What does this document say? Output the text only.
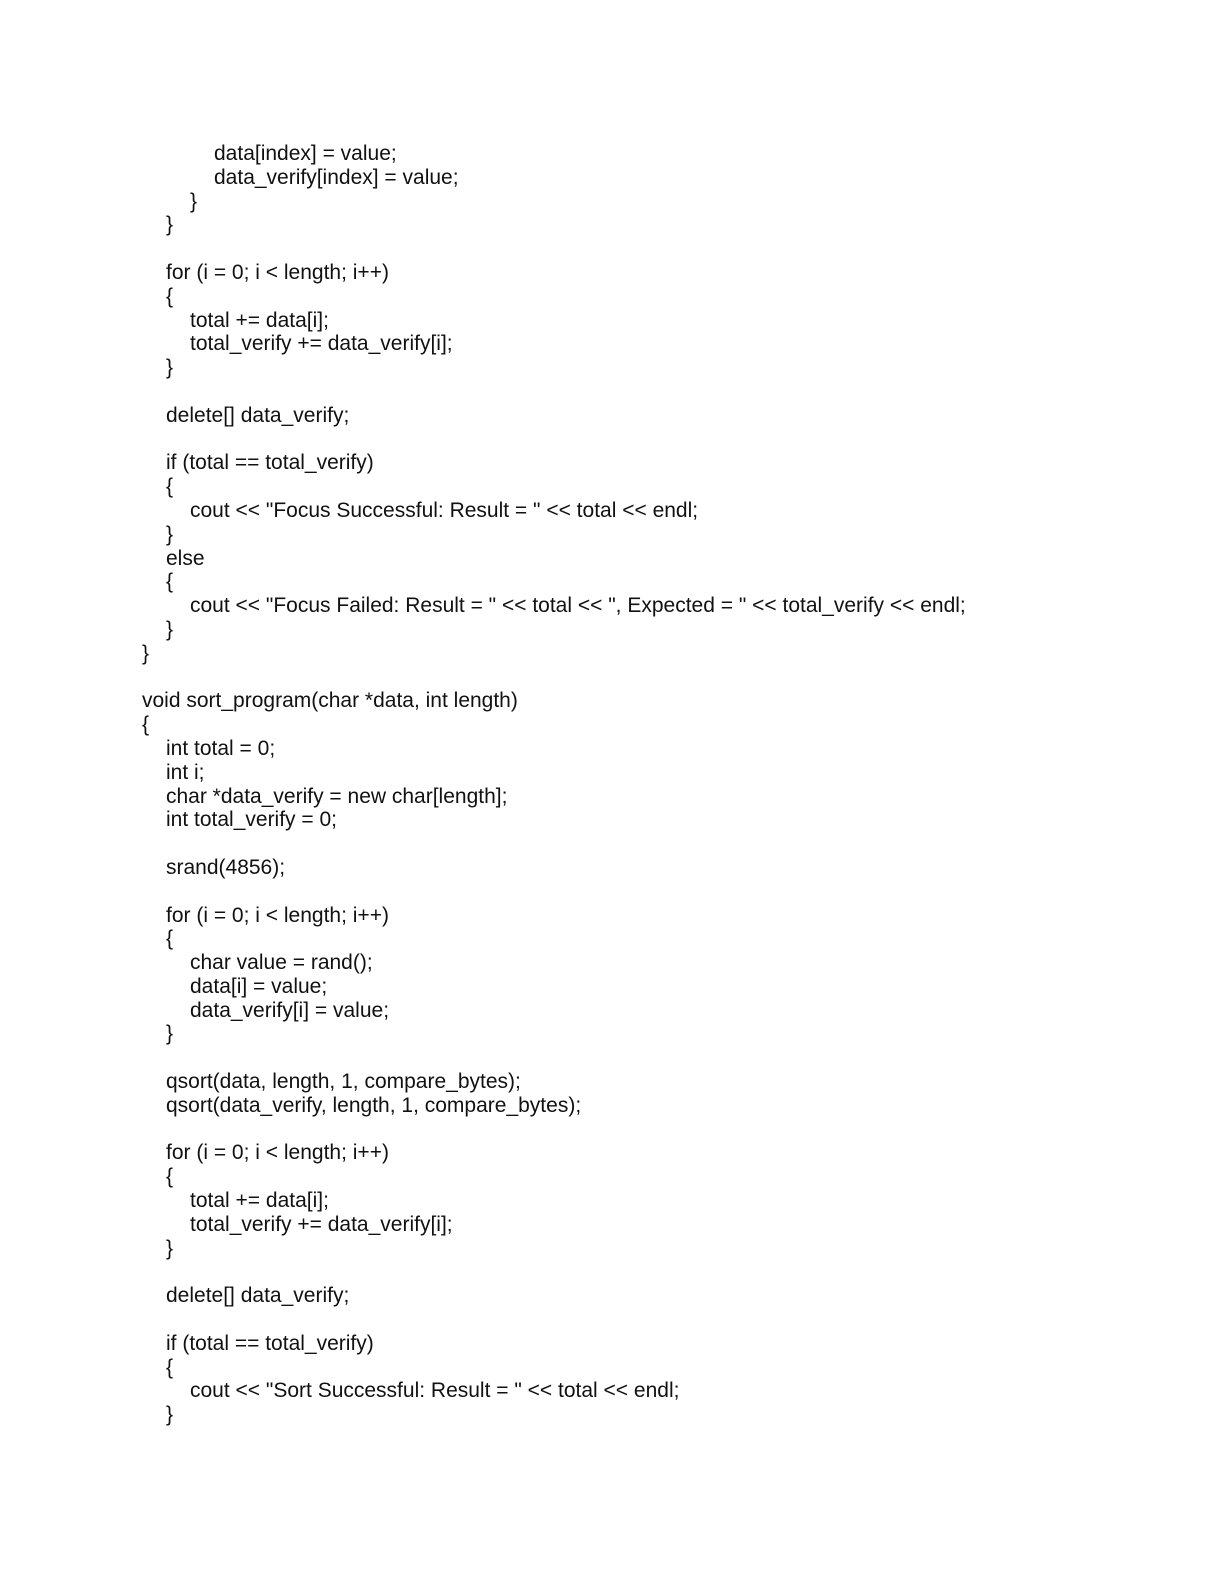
data[index] = value;
data_verify[index] = value;
}
}

for (i = 0; i < length; i++)
{
total += data[i];
total_verify += data_verify[i];
}

delete[] data_verify;

if (total == total_verify)
{
cout << "Focus Successful: Result = " << total << endl;
}
else
{
cout << "Focus Failed: Result = " << total << ", Expected = " << total_verify << endl;
}
}

void sort_program(char *data, int length)
{
int total = 0;
int i;
char *data_verify = new char[length];
int total_verify = 0;

srand(4856);

for (i = 0; i < length; i++)
{
char value = rand();
data[i] = value;
data_verify[i] = value;
}

qsort(data, length, 1, compare_bytes);
qsort(data_verify, length, 1, compare_bytes);

for (i = 0; i < length; i++)
{
total += data[i];
total_verify += data_verify[i];
}

delete[] data_verify;

if (total == total_verify)
{
cout << "Sort Successful: Result = " << total << endl;
}
